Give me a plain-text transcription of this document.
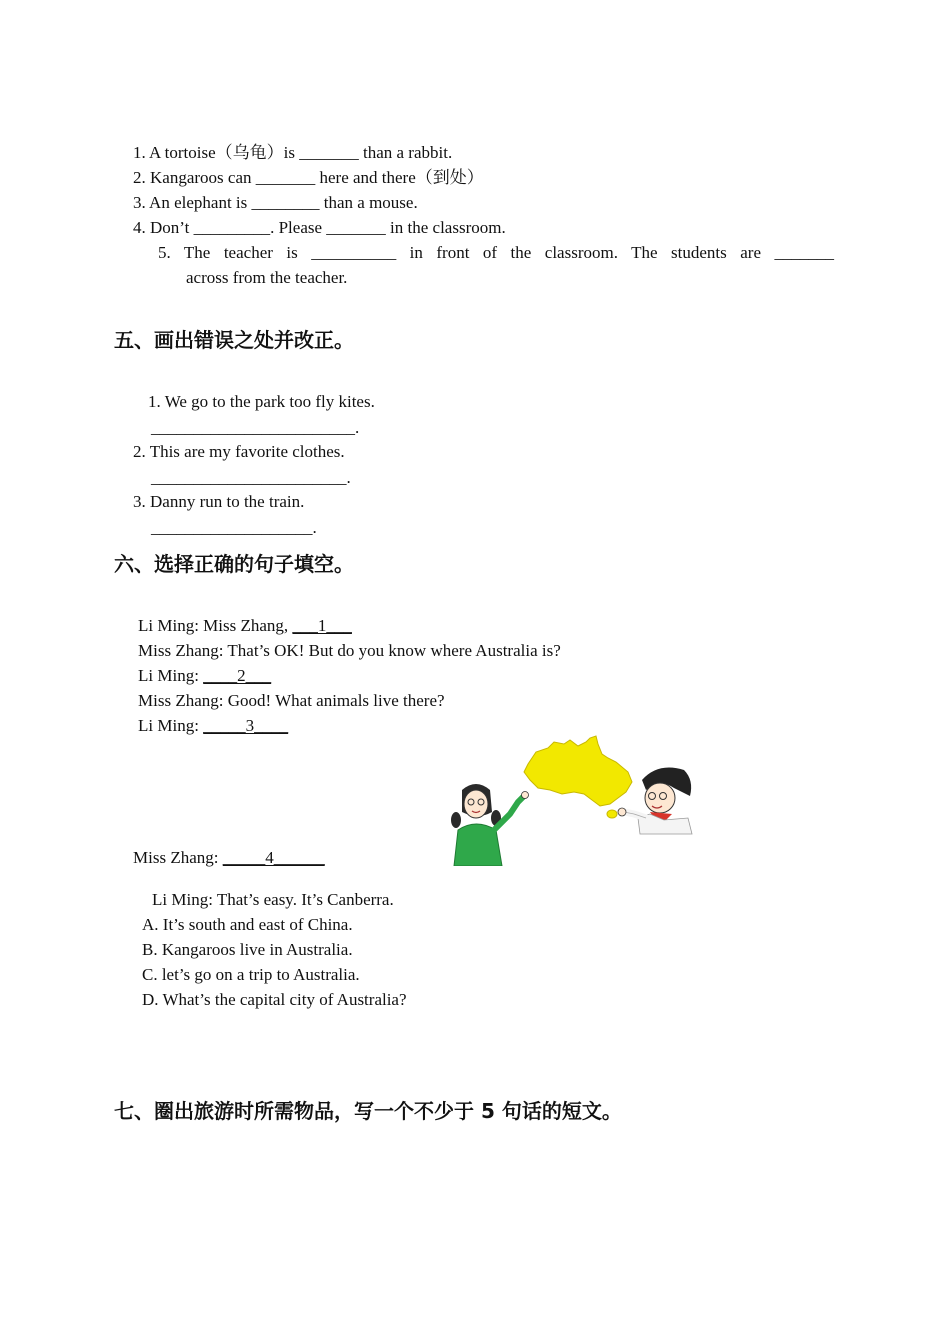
1. A tortoise（乌龟）is _______ than a rabbit.
2. Kangaroos can _______ here and there（到处）
3. An elephant is ________ than a mouse.
4. Don’t _________. Please _______ in the classroom.
5. The teacher is __________ in front of the classroom. The students are _______
across from the teacher.
五、画出错误之处并改正。
1. We go to the park too fly kites.
________________________.
2. This are my favorite clothes.
_______________________.
3. Danny run to the train.
___________________.
六、选择正确的句子填空。
Li Ming: Miss Zhang, ___1___
Miss Zhang: That’s OK! But do you know where Australia is?
Li Ming: ____2___
Miss Zhang: Good! What animals live there?
Li Ming: _____3____
Miss Zhang: _____4______
Li Ming: That’s easy. It’s Canberra.
A. It’s south and east of China.
B. Kangaroos live in Australia.
C. let’s go on a trip to Australia.
D. What’s the capital city of Australia?
七、圈出旅游时所需物品，写一个不少于 5 句话的短文。
